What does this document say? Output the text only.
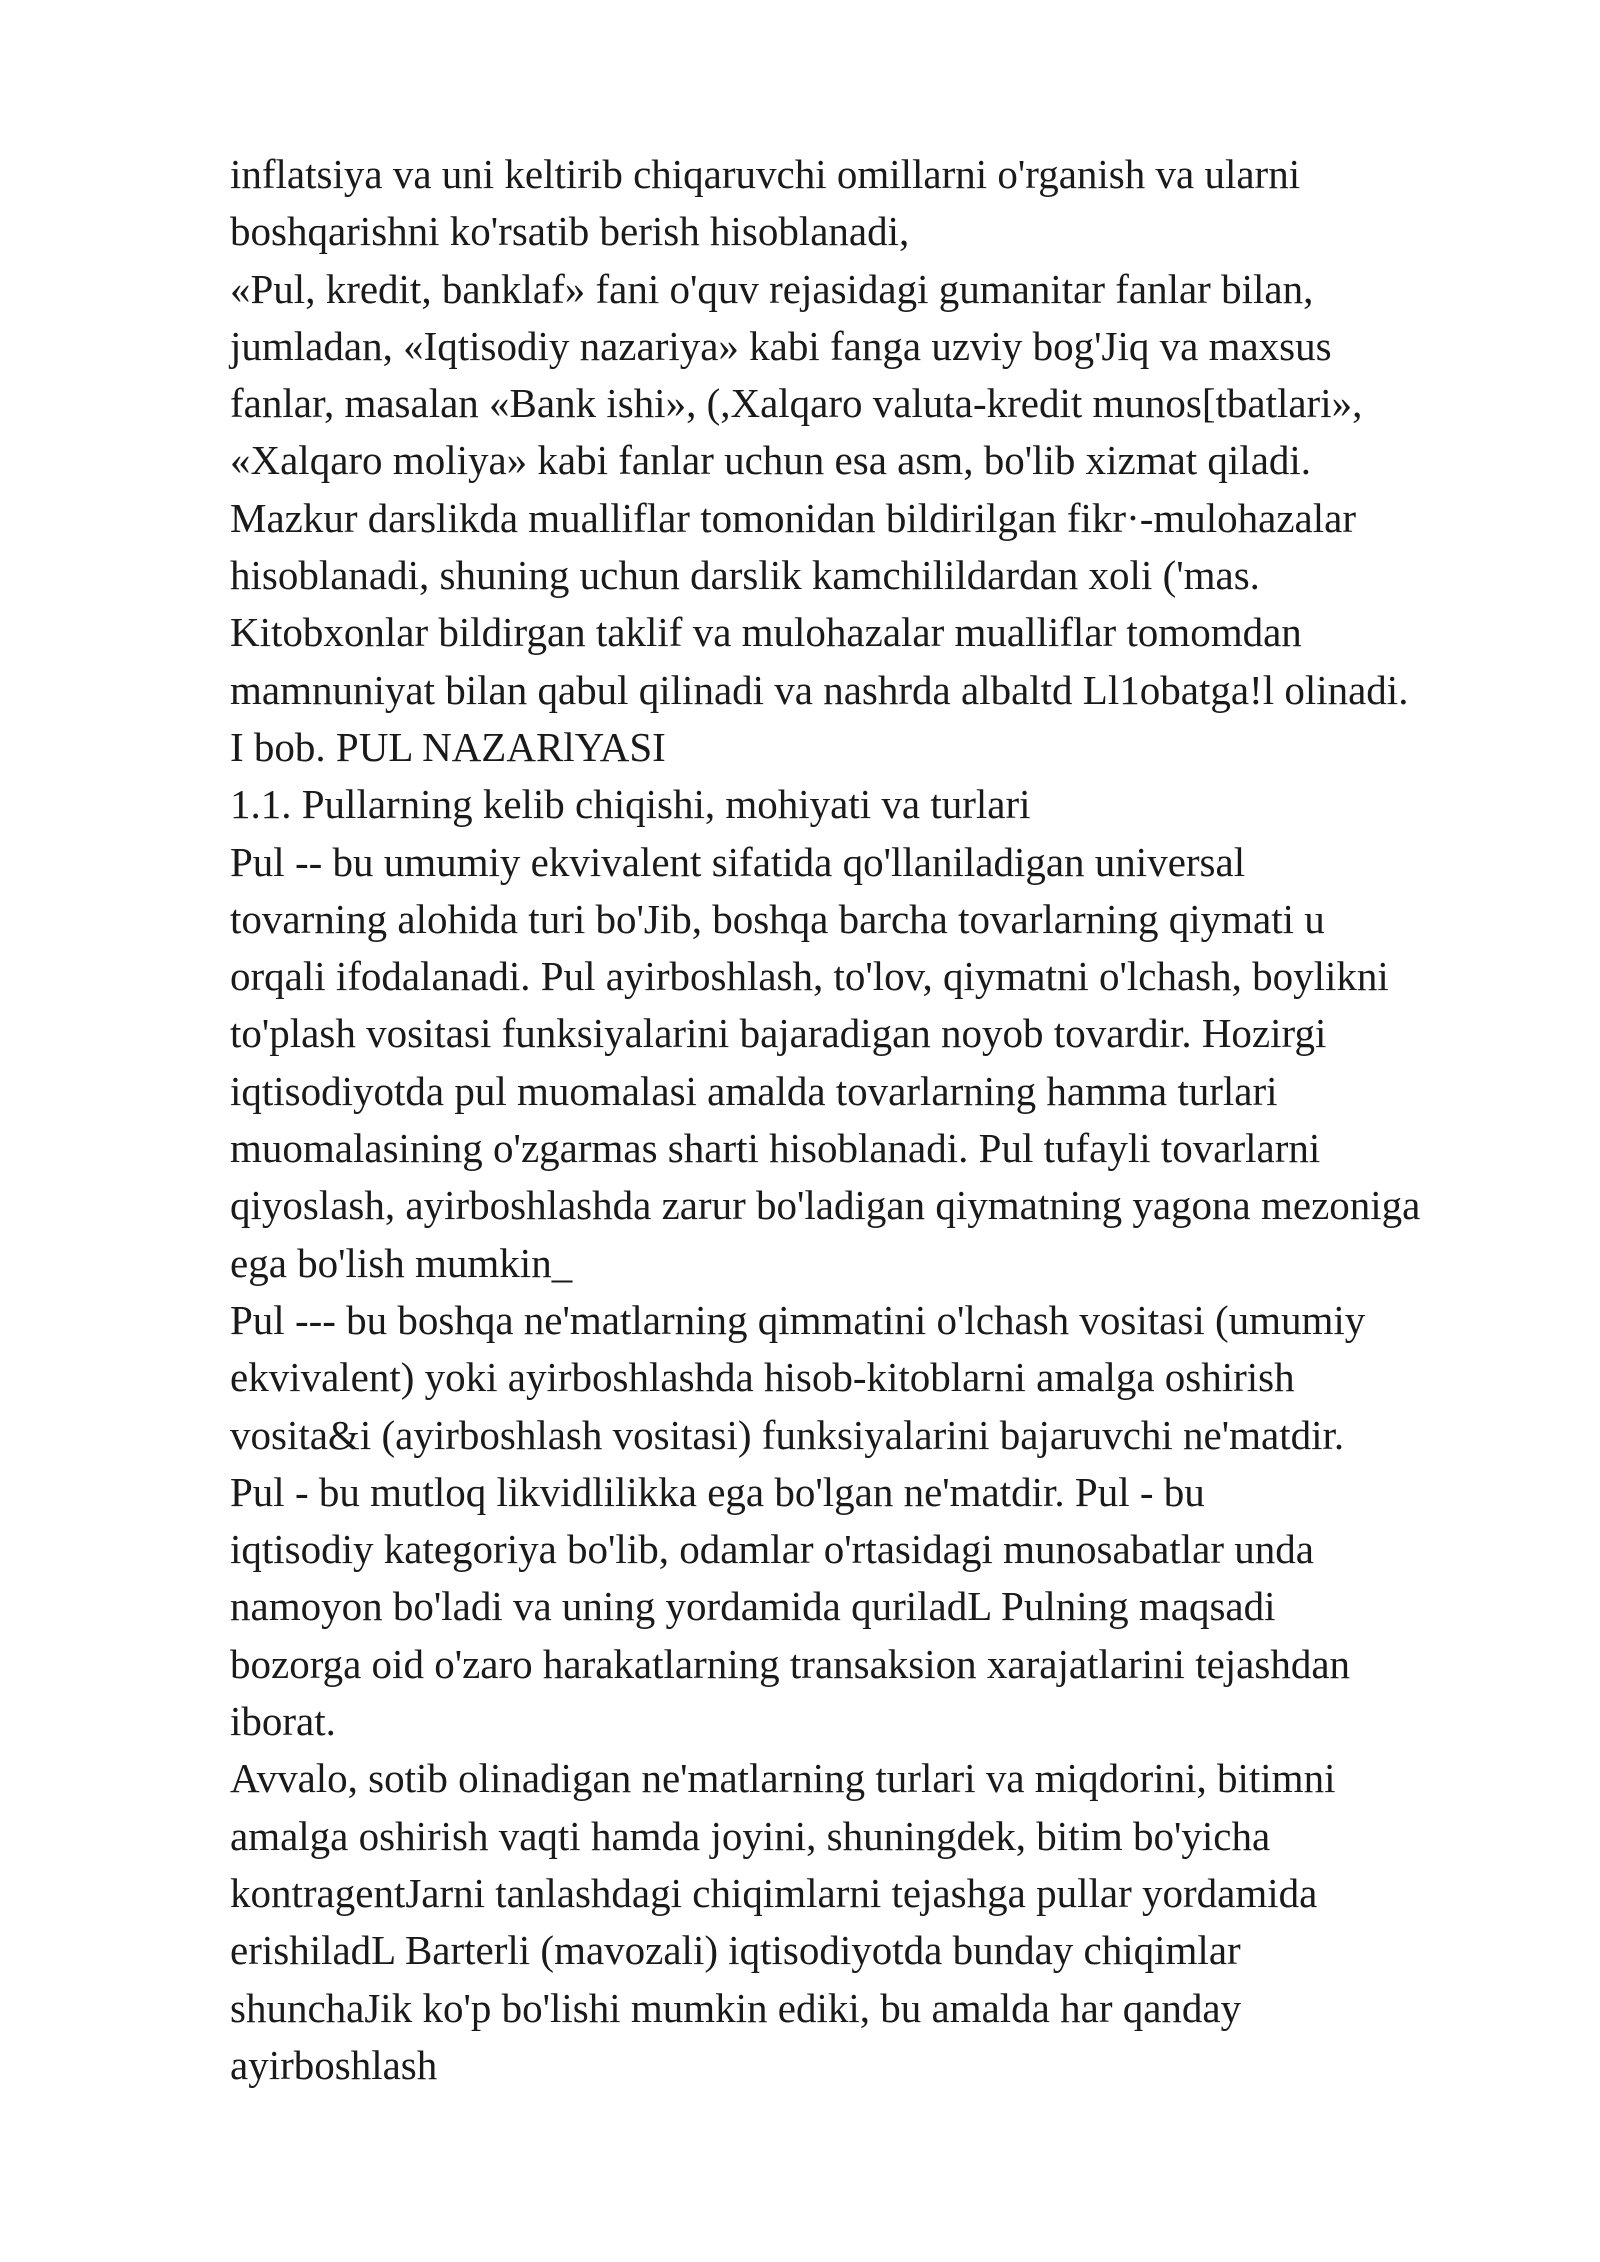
inflatsiya va uni keltirib chiqaruvchi omillarni o'rganish va ularni
boshqarishni ko'rsatib berish hisoblanadi,
«Pul, kredit, banklaf» fani o'quv rejasidagi gumanitar fanlar bilan,
jumladan, «Iqtisodiy nazariya» kabi fanga uzviy bog'Jiq va maxsus
fanlar, masalan «Bank ishi», (,Xalqaro valuta-kredit munos[tbatlari»,
«Xalqaro moliya» kabi fanlar uchun esa asm, bo'lib xizmat qiladi.
Mazkur darslikda mualliflar tomonidan bildirilgan fikr·-mulohazalar
hisoblanadi, shuning uchun darslik kamchilildardan xoli ('mas.
Kitobxonlar bildirgan taklif va mulohazalar mualliflar tomomdan
mamnuniyat bilan qabul qilinadi va nashrda albaltd Ll1obatga!l olinadi.
I bob. PUL NAZARlYASI
1.1. Pullarning kelib chiqishi, mohiyati va turlari
Pul -- bu umumiy ekvivalent sifatida qo'llaniladigan universal
tovarning alohida turi bo'Jib, boshqa barcha tovarlarning qiymati u
orqali ifodalanadi. Pul ayirboshlash, to'lov, qiymatni o'lchash, boylikni
to'plash vositasi funksiyalarini bajaradigan noyob tovardir. Hozirgi
iqtisodiyotda pul muomalasi amalda tovarlarning hamma turlari
muomalasining o'zgarmas sharti hisoblanadi. Pul tufayli tovarlarni
qiyoslash, ayirboshlashda zarur bo'ladigan qiymatning yagona mezoniga
ega bo'lish mumkin_
Pul --- bu boshqa ne'matlarning qimmatini o'lchash vositasi (umumiy
ekvivalent) yoki ayirboshlashda hisob-kitoblarni amalga oshirish
vosita&i (ayirboshlash vositasi) funksiyalarini bajaruvchi ne'matdir.
Pul - bu mutloq likvidlilikka ega bo'lgan ne'matdir. Pul - bu
iqtisodiy kategoriya bo'lib, odamlar o'rtasidagi munosabatlar unda
namoyon bo'ladi va uning yordamida quriladL Pulning maqsadi
bozorga oid o'zaro harakatlarning transaksion xarajatlarini tejashdan
iborat.
Avvalo, sotib olinadigan ne'matlarning turlari va miqdorini, bitimni
amalga oshirish vaqti hamda joyini, shuningdek, bitim bo'yicha
kontragentJarni tanlashdagi chiqimlarni tejashga pullar yordamida
erishiladL Barterli (mavozali) iqtisodiyotda bunday chiqimlar
shunchaJik ko'p bo'lishi mumkin ediki, bu amalda har qanday
ayirboshlash
